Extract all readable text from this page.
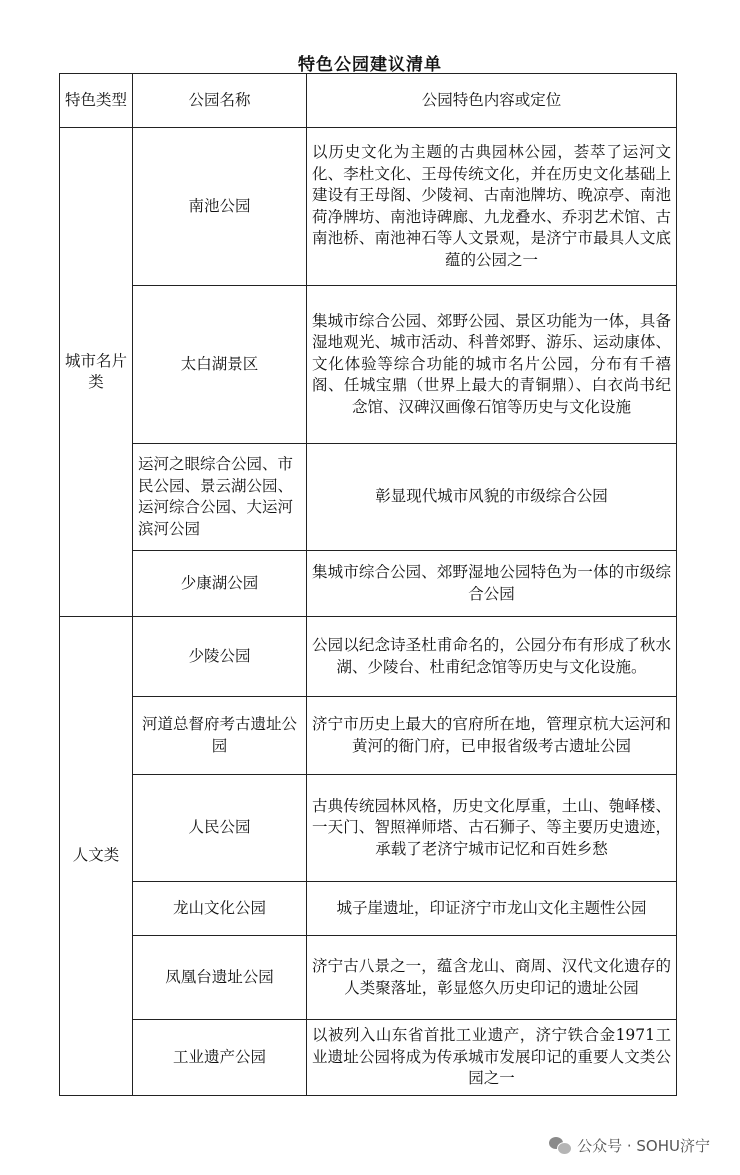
特色公园建议清单
特色类型	公园名称	公园特色内容或定位
城市名片类	南池公园	以历史文化为主题的古典园林公园，荟萃了运河文化、李杜文化、王母传统文化，并在历史文化基础上建设有王母阁、少陵祠、古南池牌坊、晚凉亭、南池荷净牌坊、南池诗碑廊、九龙叠水、乔羽艺术馆、古南池桥、南池神石等人文景观，是济宁市最具人文底蕴的公园之一
	太白湖景区	集城市综合公园、郊野公园、景区功能为一体，具备湿地观光、城市活动、科普郊野、游乐、运动康体、文化体验等综合功能的城市名片公园，分布有千禧阁、任城宝鼎（世界上最大的青铜鼎）、白衣尚书纪念馆、汉碑汉画像石馆等历史与文化设施
	运河之眼综合公园、市民公园、景云湖公园、运河综合公园、大运河滨河公园	彰显现代城市风貌的市级综合公园
	少康湖公园	集城市综合公园、郊野湿地公园特色为一体的市级综合公园
人文类	少陵公园	公园以纪念诗圣杜甫命名的，公园分布有形成了秋水湖、少陵台、杜甫纪念馆等历史与文化设施。
	河道总督府考古遗址公园	济宁市历史上最大的官府所在地，管理京杭大运河和黄河的衙门府，已申报省级考古遗址公园
	人民公园	古典传统园林风格，历史文化厚重，土山、匏峄楼、一天门、智照禅师塔、古石狮子、等主要历史遗迹，承载了老济宁城市记忆和百姓乡愁
	龙山文化公园	城子崖遗址，印证济宁市龙山文化主题性公园
	凤凰台遗址公园	济宁古八景之一，蕴含龙山、商周、汉代文化遗存的人类聚落址，彰显悠久历史印记的遗址公园
	工业遗产公园	以被列入山东省首批工业遗产，济宁铁合金1971工业遗址公园将成为传承城市发展印记的重要人文类公园之一
公众号 · SOHU济宁
